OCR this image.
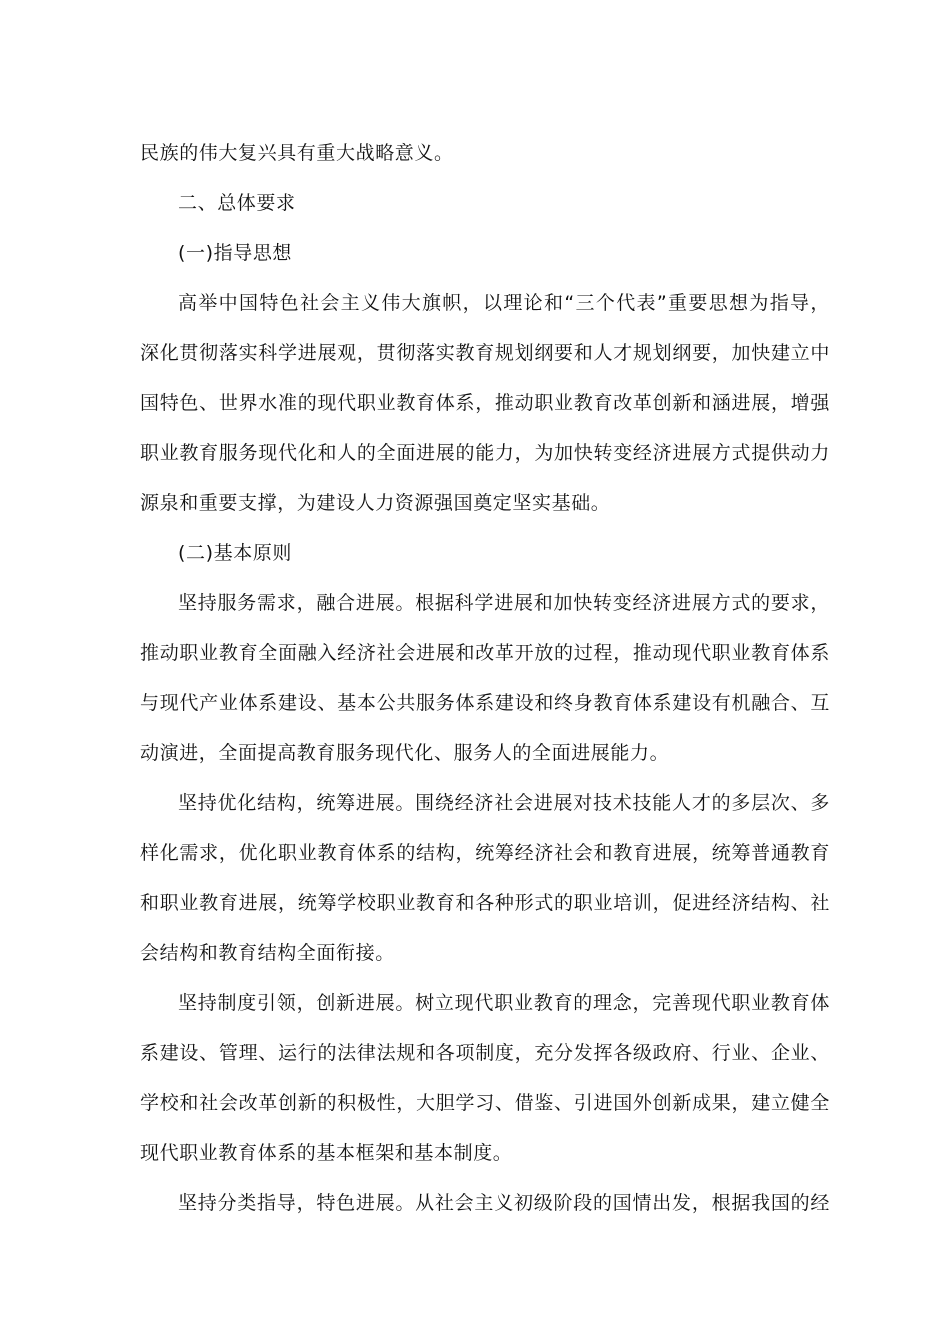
民族的伟大复兴具有重大战略意义。
二、总体要求
(一)指导思想
高举中国特色社会主义伟大旗帜，以理论和“三个代表”重要思想为指导，
深化贯彻落实科学进展观，贯彻落实教育规划纲要和人才规划纲要，加快建立中
国特色、世界水准的现代职业教育体系，推动职业教育改革创新和涵进展，增强
职业教育服务现代化和人的全面进展的能力，为加快转变经济进展方式提供动力
源泉和重要支撑，为建设人力资源强国奠定坚实基础。
(二)基本原则
坚持服务需求，融合进展。根据科学进展和加快转变经济进展方式的要求，
推动职业教育全面融入经济社会进展和改革开放的过程，推动现代职业教育体系
与现代产业体系建设、基本公共服务体系建设和终身教育体系建设有机融合、互
动演进，全面提高教育服务现代化、服务人的全面进展能力。
坚持优化结构，统筹进展。围绕经济社会进展对技术技能人才的多层次、多
样化需求，优化职业教育体系的结构，统筹经济社会和教育进展，统筹普通教育
和职业教育进展，统筹学校职业教育和各种形式的职业培训，促进经济结构、社
会结构和教育结构全面衔接。
坚持制度引领，创新进展。树立现代职业教育的理念，完善现代职业教育体
系建设、管理、运行的法律法规和各项制度，充分发挥各级政府、行业、企业、
学校和社会改革创新的积极性，大胆学习、借鉴、引进国外创新成果，建立健全
现代职业教育体系的基本框架和基本制度。
坚持分类指导，特色进展。从社会主义初级阶段的国情出发，根据我国的经
